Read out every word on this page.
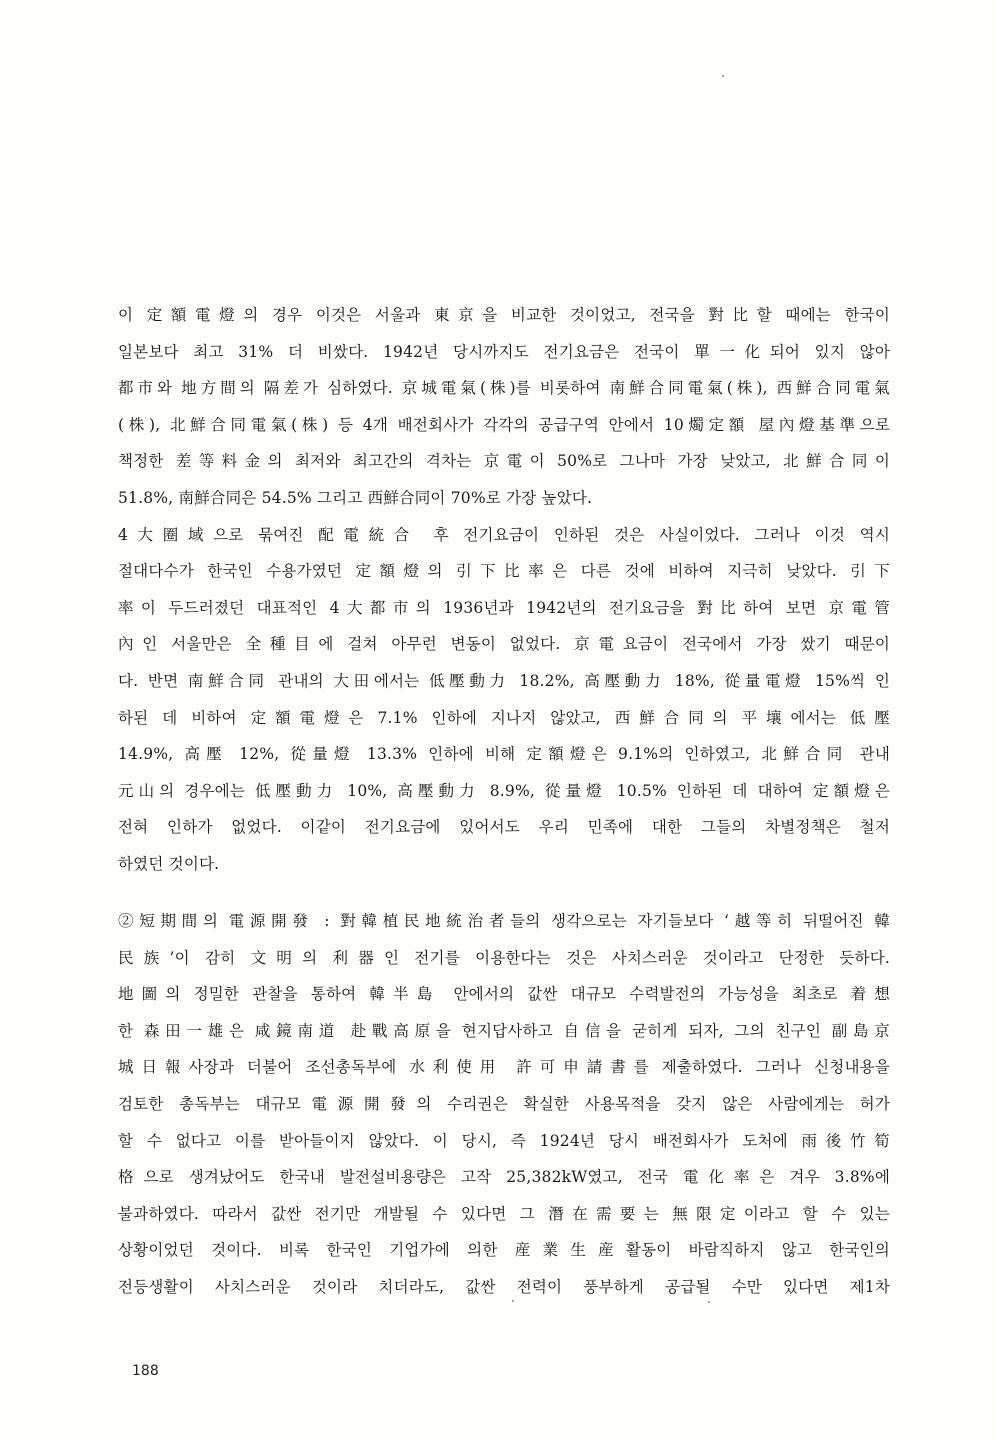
이 定額電燈의 경우 이것은 서울과 東京을 비교한 것이었고, 전국을 對比할 때에는 한국이
일본보다 최고 31% 더 비쌌다. 1942년 당시까지도 전기요금은 전국이 單一化되어 있지 않아
都市와 地方間의 隔差가 심하였다. 京城電氣(株)를 비롯하여 南鮮合同電氣(株), 西鮮合同電氣
(株), 北鮮合同電氣(株) 등 4개 배전회사가 각각의 공급구역 안에서 10燭定額 屋內燈基準으로
책정한 差等料金의 최저와 최고간의 격차는 京電이 50%로 그나마 가장 낮았고, 北鮮合同이
51.8%, 南鮮合同은 54.5% 그리고 西鮮合同이 70%로 가장 높았다.
4大圈域으로 묶여진 配電統合 후 전기요금이 인하된 것은 사실이었다. 그러나 이것 역시
절대다수가 한국인 수용가였던 定額燈의 引下比率은 다른 것에 비하여 지극히 낮았다. 引下
率이 두드러졌던 대표적인 4大都市의 1936년과 1942년의 전기요금을 對比하여 보면 京電管
內인 서울만은 全種目에 걸쳐 아무런 변동이 없었다. 京電요금이 전국에서 가장 쌌기 때문이
다. 반면 南鮮合同 관내의 大田에서는 低壓動力 18.2%, 高壓動力 18%, 從量電燈 15%씩 인
하된 데 비하여 定額電燈은 7.1% 인하에 지나지 않았고, 西鮮合同의 平壤에서는 低壓
14.9%, 高壓 12%, 從量燈 13.3% 인하에 비해 定額燈은 9.1%의 인하였고, 北鮮合同 관내
元山의 경우에는 低壓動力 10%, 高壓動力 8.9%, 從量燈 10.5% 인하된 데 대하여 定額燈은
전혀 인하가 없었다. 이같이 전기요금에 있어서도 우리 민족에 대한 그들의 차별정책은 철저
하였던 것이다.
②短期間의 電源開發 : 對韓植民地統治者들의 생각으로는 자기들보다 ‘越等히 뒤떨어진 韓
民族’이 감히 文明의 利器인 전기를 이용한다는 것은 사치스러운 것이라고 단정한 듯하다.
地圖의 정밀한 관찰을 통하여 韓半島 안에서의 값싼 대규모 수력발전의 가능성을 최초로 着想
한 森田一雄은 咸鏡南道 赴戰高原을 현지답사하고 自信을 굳히게 되자, 그의 친구인 副島京
城日報사장과 더불어 조선총독부에 水利使用 許可申請書를 제출하였다. 그러나 신청내용을
검토한 총독부는 대규모電源開發의 수리권은 확실한 사용목적을 갖지 않은 사람에게는 허가
할 수 없다고 이를 받아들이지 않았다. 이 당시, 즉 1924년 당시 배전회사가 도처에 雨後竹筍
格으로 생겨났어도 한국내 발전설비용량은 고작 25,382kW였고, 전국 電化率은 겨우 3.8%에
불과하였다. 따라서 값싼 전기만 개발될 수 있다면 그 潛在需要는 無限定이라고 할 수 있는
상황이었던 것이다. 비록 한국인 기업가에 의한 産業生産활동이 바람직하지 않고 한국인의
전등생활이 사치스러운 것이라 치더라도, 값싼 전력이 풍부하게 공급될 수만 있다면 제1차
188
